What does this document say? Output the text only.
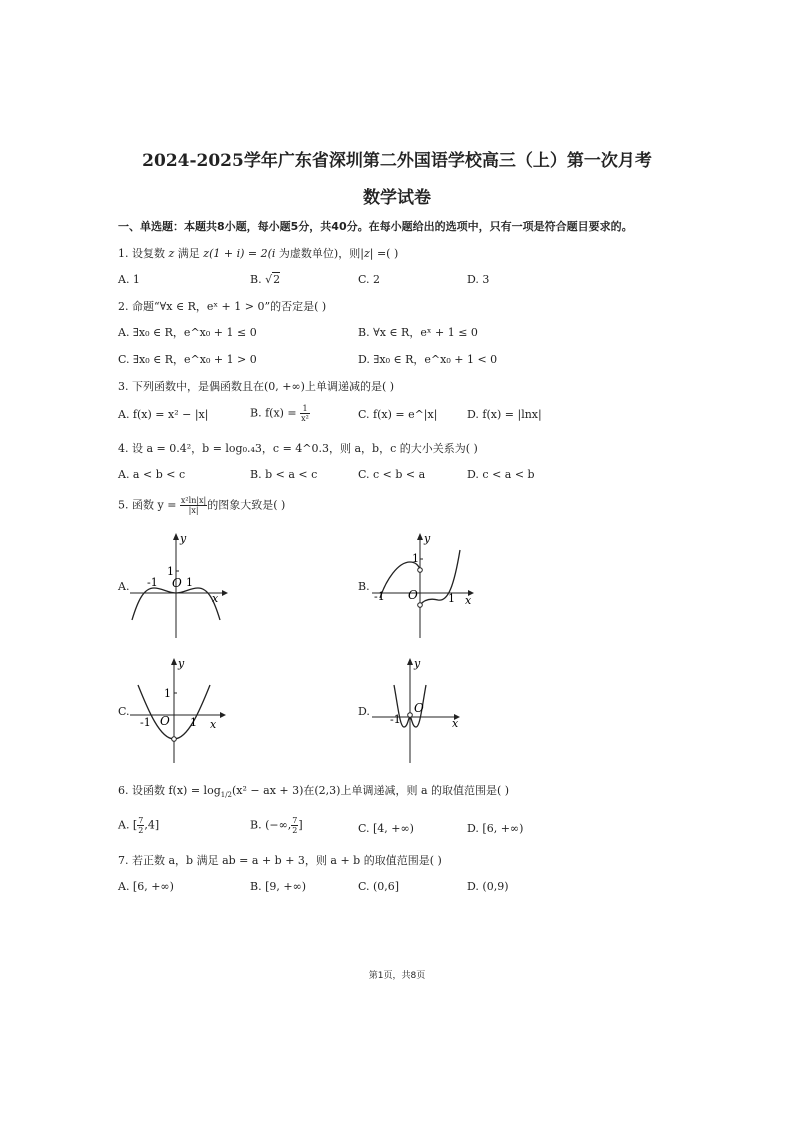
2024-2025学年广东省深圳第二外国语学校高三（上）第一次月考
数学试卷
一、单选题：本题共8小题，每小题5分，共40分。在每小题给出的选项中，只有一项是符合题目要求的。
1. 设复数 z 满足 z(1 + i) = 2(i 为虚数单位)，则|z| =( )
A. 1	B. √2	C. 2	D. 3
2. 命题“∀x ∈ R，eˣ + 1 > 0”的否定是( )
A. ∃x₀ ∈ R，e^x₀ + 1 ≤ 0	B. ∀x ∈ R，eˣ + 1 ≤ 0
C. ∃x₀ ∈ R，e^x₀ + 1 > 0	D. ∃x₀ ∈ R，e^x₀ + 1 < 0
3. 下列函数中，是偶函数且在(0, +∞)上单调递减的是( )
A. f(x) = x² − |x|	B. $f(x) = \frac{1}{\text{x²}}$	C. f(x) = e^|x|	D. f(x) = |lnx|
4. 设 a = 0.4²，b = log₀.₄3，c = 4^0.3，则 a，b，c 的大小关系为( )
A. a < b < c	B. b < a < c	C. c < b < a	D. c < a < b
5. 函数 $y = \frac{\text{x²ln|x|}}{|x|}$ 的图象大致是( )
A.
x
y
1
-1 O 1	B.
x
y
1
-1 O	1
C.
x
y
1
-1 O 1
D.
x
y
-1
O
6. 设函数 $f(x) = \log_{1/2}(x^2$ − ax + 3)在(2,3)上单调递减，则 a 的取值范围是( )
A. [ $\frac{7}{2} ,4$]	B. (−∞, $\frac{7}{2}$ ]	C. [4, +∞)	D. [6, +∞)
7. 若正数 a，b 满足 ab = a + b + 3，则 a + b 的取值范围是( )
A. [6, +∞)	B. [9, +∞)	C. (0,6]	D. (0,9)
第1页，共8页
